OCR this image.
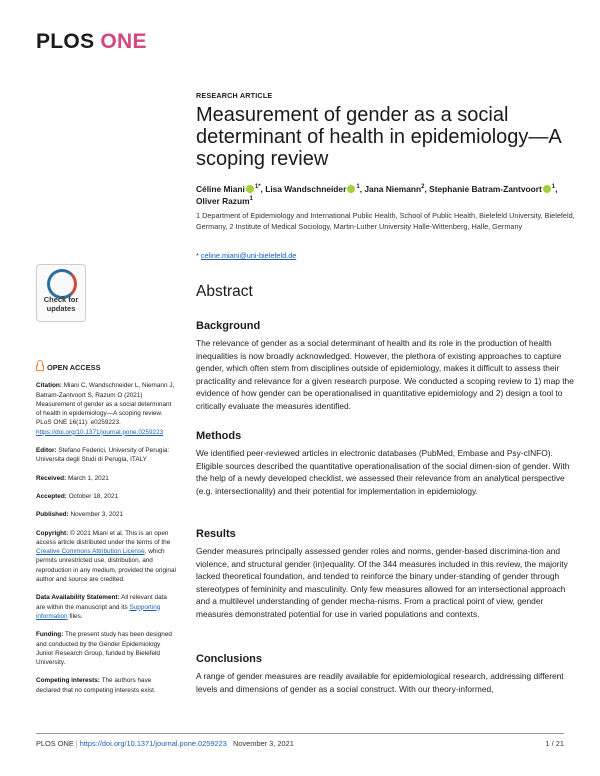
PLOS ONE
RESEARCH ARTICLE
Measurement of gender as a social determinant of health in epidemiology—A scoping review
Céline Miani $^{1*}$, Lisa Wandschneider $^1$, Jana Niemann$^2$, Stephanie Batram-Zantvoort $^1$, Oliver Razum$^1$
1 Department of Epidemiology and International Public Health, School of Public Health, Bielefeld University, Bielefeld, Germany, 2 Institute of Medical Sociology, Martin-Luther University Halle-Wittenberg, Halle, Germany
* celine.miani@uni-bielefeld.de
Check for
updates

OPEN ACCESS

Citation: Miani C, Wandschneider L, Niemann J, Batram-Zantvoort S, Razum O (2021) Measurement of gender as a social determinant of health in epidemiology—A scoping review. PLoS ONE 16(11): e0259223. https://doi.org/10.1371/journal.pone.0259223

Editor: Stefano Federici, University of Perugia: Universita degli Studi di Perugia, ITALY

Received: March 1, 2021

Accepted: October 18, 2021

Published: November 3, 2021

Copyright: © 2021 Miani et al. This is an open access article distributed under the terms of the Creative Commons Attribution License, which permits unrestricted use, distribution, and reproduction in any medium, provided the original author and source are credited.

Data Availability Statement: All relevant data are within the manuscript and its Supporting information files.

Funding: The present study has been designed and conducted by the Gender Epidemiology Junior Research Group, funded by Bielefeld University.

Competing interests: The authors have declared that no competing interests exist.

Abstract
Background

The relevance of gender as a social determinant of health and its role in the production of health inequalities is now broadly acknowledged. However, the plethora of existing approaches to capture gender, which often stem from disciplines outside of epidemiology, makes it difficult to assess their practicality and relevance for a given research purpose. We conducted a scoping review to 1) map the evidence of how gender can be operationalised in quantitative epidemiology and 2) design a tool to critically evaluate the measures identified.

Methods

We identified peer-reviewed articles in electronic databases (PubMed, Embase and Psy-cINFO). Eligible sources described the quantitative operationalisation of the social dimen-sion of gender. With the help of a newly developed checklist, we assessed their relevance from an analytical perspective (e.g. intersectionality) and their potential for implementation in epidemiology.

Results

Gender measures principally assessed gender roles and norms, gender-based discrimina-tion and violence, and structural gender (in)equality. Of the 344 measures included in this review, the majority lacked theoretical foundation, and tended to reinforce the binary under-standing of gender through stereotypes of femininity and masculinity. Only few measures allowed for an intersectional approach and a multilevel understanding of gender mecha-nisms. From a practical point of view, gender measures demonstrated potential for use in varied populations and contexts.

Conclusions

A range of gender measures are readily available for epidemiological research, addressing different levels and dimensions of gender as a social construct. With our theory-informed,

PLOS ONE | https://doi.org/10.1371/journal.pone.0259223 November 3, 2021	1 / 21
